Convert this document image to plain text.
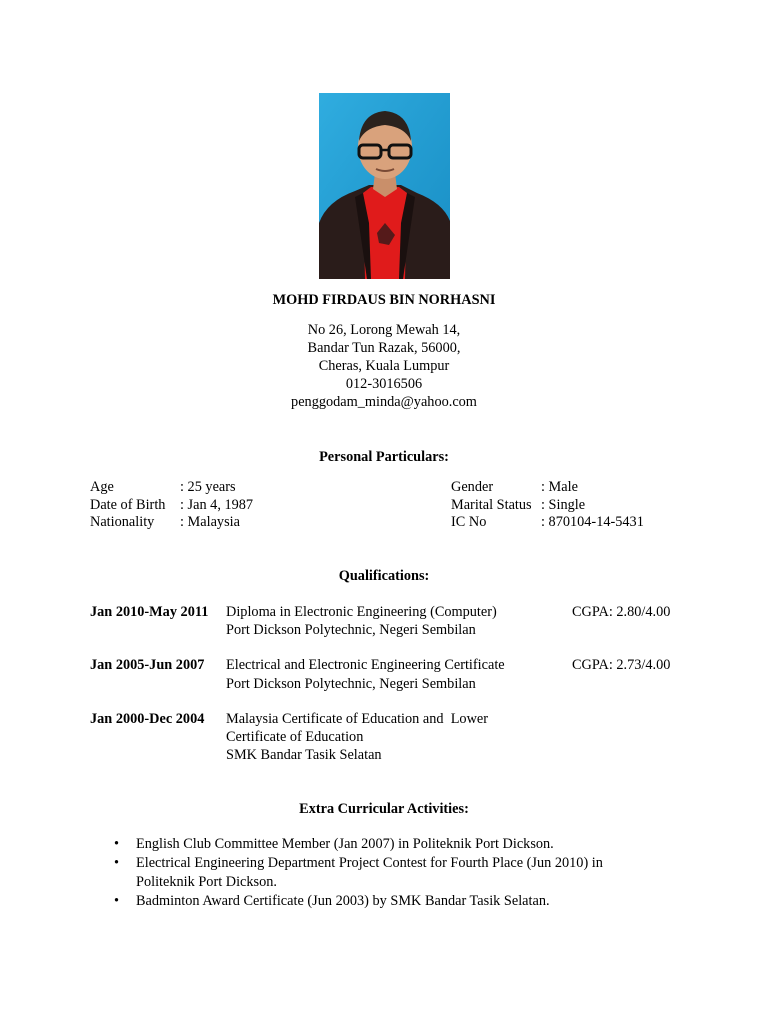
MOHD FIRDAUS BIN NORHASNI
No 26, Lorong Mewah 14,
Bandar Tun Razak, 56000,
Cheras, Kuala Lumpur
012-3016506
penggodam_minda@yahoo.com
Personal Particulars:
Age	: 25 years
Date of Birth : Jan 4, 1987
Nationality : Malaysia
Gender	: Male
Marital Status : Single
IC No	: 870104-14-5431
Qualifications:
Jan 2010-May 2011 Diploma in Electronic Engineering (Computer)
Port Dickson Polytechnic, Negeri Sembilan
CGPA: 2.80/4.00
Jan 2005-Jun 2007 Electrical and Electronic Engineering Certificate
Port Dickson Polytechnic, Negeri Sembilan
CGPA: 2.73/4.00
Jan 2000-Dec 2004 Malaysia Certificate of Education and  Lower
Certificate of Education
SMK Bandar Tasik Selatan
Extra Curricular Activities:
• English Club Committee Member (Jan 2007) in Politeknik Port Dickson.
• Electrical Engineering Department Project Contest for Fourth Place (Jun 2010) in
Politeknik Port Dickson.
• Badminton Award Certificate (Jun 2003) by SMK Bandar Tasik Selatan.
